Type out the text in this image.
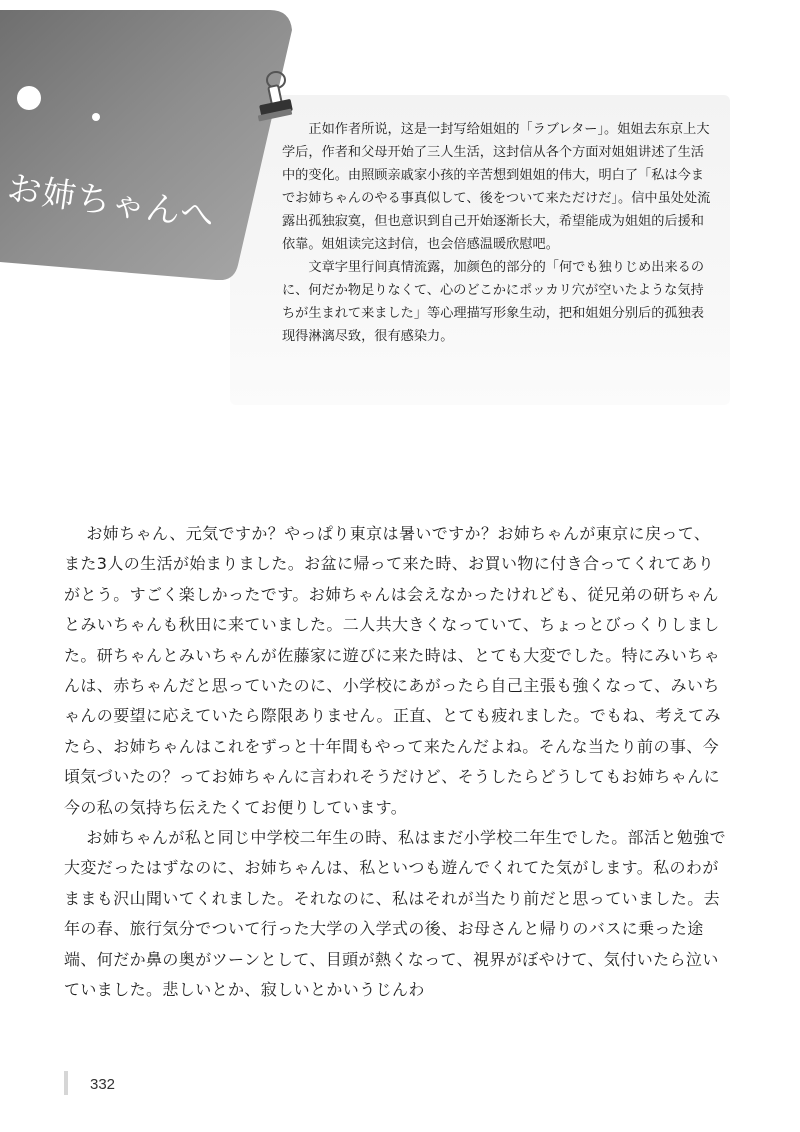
お姉ちゃんへ

正如作者所说，这是一封写给姐姐的「ラブレター」。姐姐去东京上大学后，作者和父母开始了三人生活，这封信从各个方面对姐姐讲述了生活中的变化。由照顾亲戚家小孩的辛苦想到姐姐的伟大，明白了「私は今までお姉ちゃんのやる事真似して、後をついて来ただけだ」。信中虽处处流露出孤独寂寞，但也意识到自己开始逐渐长大，希望能成为姐姐的后援和依靠。姐姐读完这封信，也会倍感温暖欣慰吧。

文章字里行间真情流露，加颜色的部分的「何でも独りじめ出来るのに、何だか物足りなくて、心のどこかにポッカリ穴が空いたような気持ちが生まれて来ました」等心理描写形象生动，把和姐姐分别后的孤独表现得淋漓尽致，很有感染力。

お姉ちゃん、元気ですか？やっぱり東京は暑いですか？お姉ちゃんが東京に戻って、また3人の生活が始まりました。お盆に帰って来た時、お買い物に付き合ってくれてありがとう。すごく楽しかったです。お姉ちゃんは会えなかったけれども、従兄弟の研ちゃんとみいちゃんも秋田に来ていました。二人共大きくなっていて、ちょっとびっくりしました。研ちゃんとみいちゃんが佐藤家に遊びに来た時は、とても大変でした。特にみいちゃんは、赤ちゃんだと思っていたのに、小学校にあがったら自己主張も強くなって、みいちゃんの要望に応えていたら際限ありません。正直、とても疲れました。でもね、考えてみたら、お姉ちゃんはこれをずっと十年間もやって来たんだよね。そんな当たり前の事、今頃気づいたの？ってお姉ちゃんに言われそうだけど、そうしたらどうしてもお姉ちゃんに今の私の気持ち伝えたくてお便りしています。

お姉ちゃんが私と同じ中学校二年生の時、私はまだ小学校二年生でした。部活と勉強で大変だったはずなのに、お姉ちゃんは、私といつも遊んでくれてた気がします。私のわがままも沢山聞いてくれました。それなのに、私はそれが当たり前だと思っていました。去年の春、旅行気分でついて行った大学の入学式の後、お母さんと帰りのバスに乗った途端、何だか鼻の奥がツーンとして、目頭が熱くなって、視界がぼやけて、気付いたら泣いていました。悲しいとか、寂しいとかいうじんわ

332
